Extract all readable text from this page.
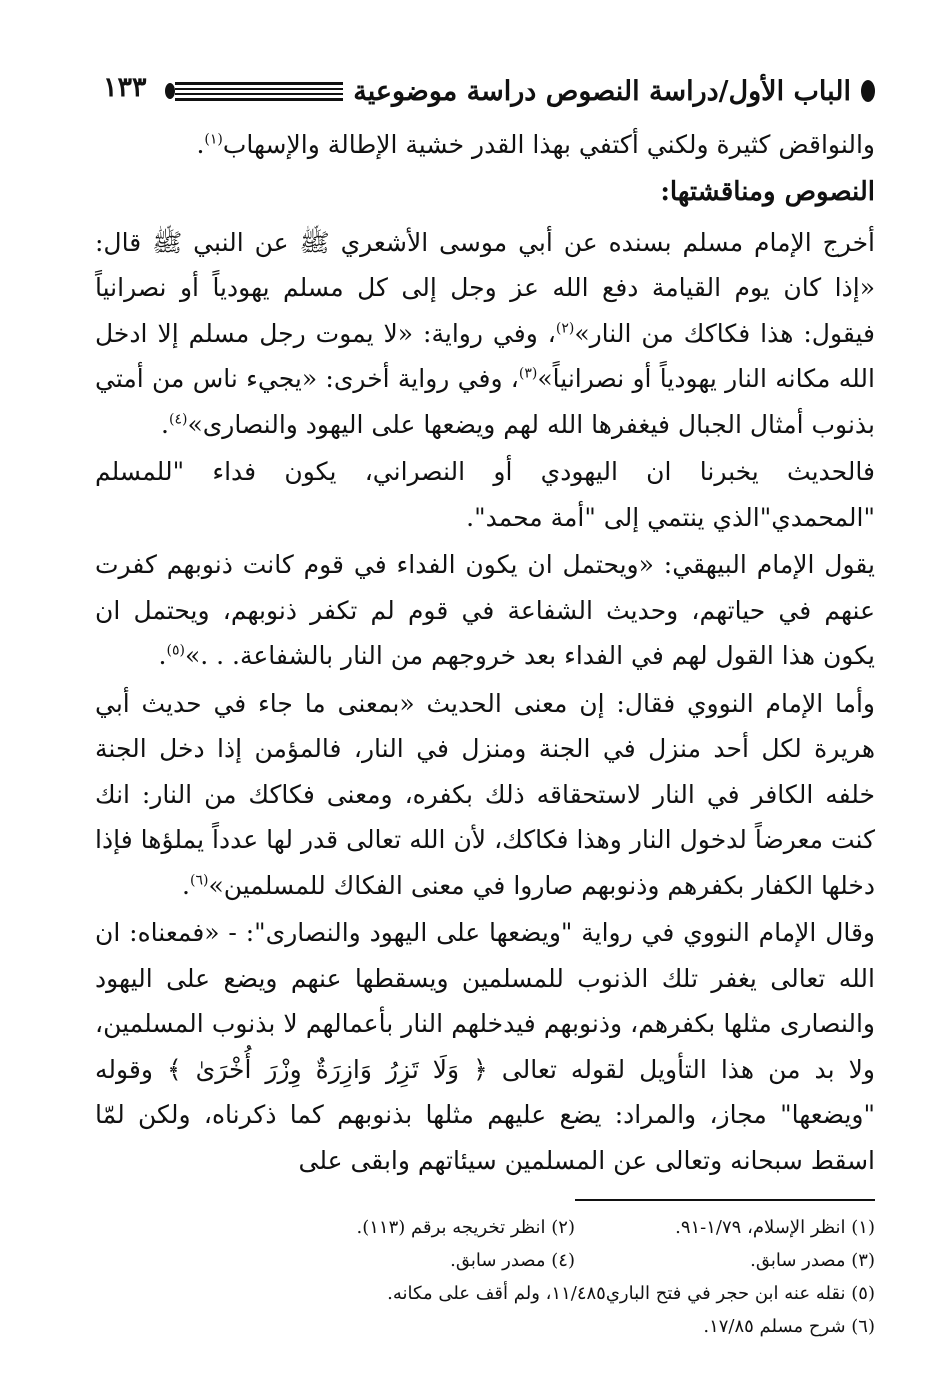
الباب الأول/دراسة النصوص دراسة موضوعية
١٣٣

والنواقض كثيرة ولكني أكتفي بهذا القدر خشية الإطالة والإسهاب$^{(١)}$.

النصوص ومناقشتها:

أخرج الإمام مسلم بسنده عن أبي موسى الأشعري ﷺ عن النبي ﷺ قال: «إذا كان يوم القيامة دفع الله عز وجل إلى كل مسلم يهودياً أو نصرانياً فيقول: هذا فكاكك من النار»$^{(٢)}$، وفي رواية: «لا يموت رجل مسلم إلا ادخل الله مكانه النار يهودياً أو نصرانياً»$^{(٣)}$، وفي رواية أخرى: «يجيء ناس من أمتي بذنوب أمثال الجبال فيغفرها الله لهم ويضعها على اليهود والنصارى»$^{(٤)}$.

فالحديث يخبرنا ان اليهودي أو النصراني، يكون فداء "للمسلم "المحمدي"الذي ينتمي إلى "أمة محمد".

يقول الإمام البيهقي: «ويحتمل ان يكون الفداء في قوم كانت ذنوبهم كفرت عنهم في حياتهم، وحديث الشفاعة في قوم لم تكفر ذنوبهم، ويحتمل ان يكون هذا القول لهم في الفداء بعد خروجهم من النار بالشفاعة. . .»$^{(٥)}$.

وأما الإمام النووي فقال: إن معنى الحديث «بمعنى ما جاء في حديث أبي هريرة لكل أحد منزل في الجنة ومنزل في النار، فالمؤمن إذا دخل الجنة خلفه الكافر في النار لاستحقاقه ذلك بكفره، ومعنى فكاكك من النار: انك كنت معرضاً لدخول النار وهذا فكاكك، لأن الله تعالى قدر لها عدداً يملؤها فإذا دخلها الكفار بكفرهم وذنوبهم صاروا في معنى الفكاك للمسلمين»$^{(٦)}$.

وقال الإمام النووي في رواية "ويضعها على اليهود والنصارى": - «فمعناه: ان الله تعالى يغفر تلك الذنوب للمسلمين ويسقطها عنهم ويضع على اليهود والنصارى مثلها بكفرهم، وذنوبهم فيدخلهم النار بأعمالهم لا بذنوب المسلمين، ولا بد من هذا التأويل لقوله تعالى ﴿ وَلَا تَزِرُ وَازِرَةٌ وِزْرَ أُخْرَىٰ ﴾ وقوله "ويضعها" مجاز، والمراد: يضع عليهم مثلها بذنوبهم كما ذكرناه، ولكن لمّا اسقط سبحانه وتعالى عن المسلمين سيئاتهم وابقى على

(١) انظر الإسلام، ١/٧٩-٩١.
(٢) انظر تخريجه برقم (١١٣).
(٣) مصدر سابق.
(٤) مصدر سابق.
(٥) نقله عنه ابن حجر في فتح الباري١١/٤٨٥، ولم أقف على مكانه.
(٦) شرح مسلم ١٧/٨٥.
